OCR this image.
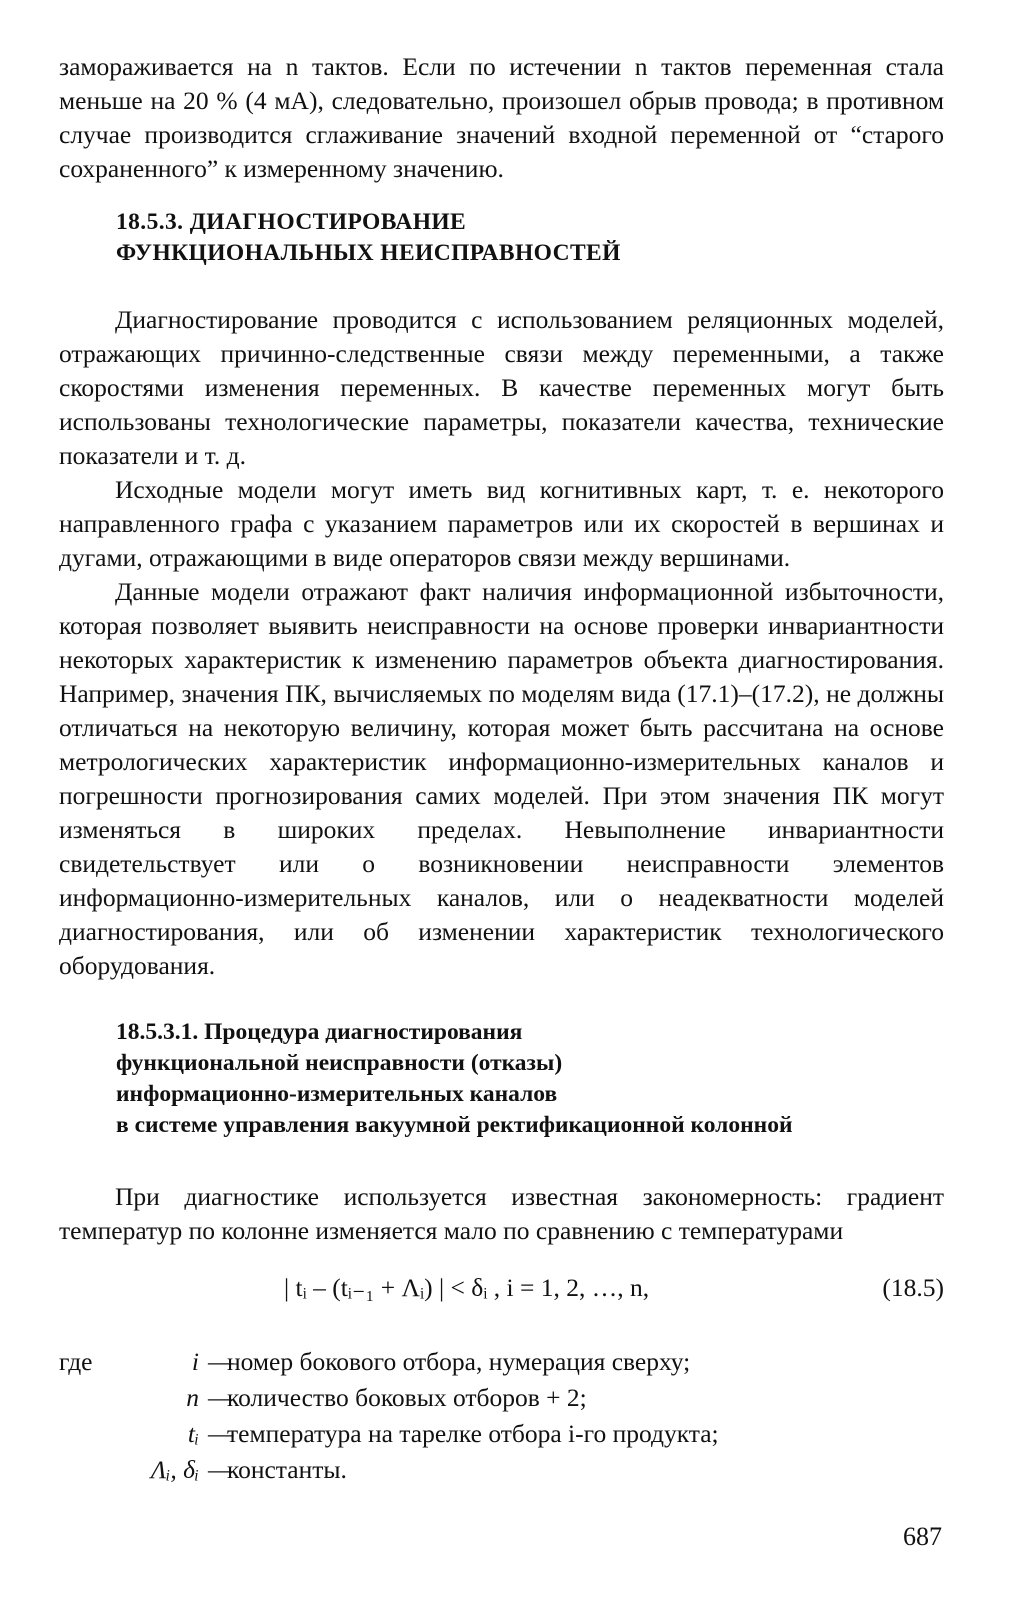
замораживается на n тактов. Если по истечении n тактов переменная стала меньше на 20 % (4 мА), следовательно, произошел обрыв провода; в противном случае производится сглаживание значений входной переменной от “старого сохраненного” к измеренному значению.

18.5.3. ДИАГНОСТИРОВАНИЕ
ФУНКЦИОНАЛЬНЫХ НЕИСПРАВНОСТЕЙ

Диагностирование проводится с использованием реляционных моделей, отражающих причинно-следственные связи между переменными, а также скоростями изменения переменных. В качестве переменных могут быть использованы технологические параметры, показатели качества, технические показатели и т. д.

Исходные модели могут иметь вид когнитивных карт, т. е. некоторого направленного графа с указанием параметров или их скоростей в вершинах и дугами, отражающими в виде операторов связи между вершинами.

Данные модели отражают факт наличия информационной избыточности, которая позволяет выявить неисправности на основе проверки инвариантности некоторых характеристик к изменению параметров объекта диагностирования. Например, значения ПК, вычисляемых по моделям вида (17.1)–(17.2), не должны отличаться на некоторую величину, которая может быть рассчитана на основе метрологических характеристик информационно-измерительных каналов и погрешности прогнозирования самих моделей. При этом значения ПК могут изменяться в широких пределах. Невыполнение инвариантности свидетельствует или о возникновении неисправности элементов информационно-измерительных каналов, или о неадекватности моделей диагностирования, или об изменении характеристик технологического оборудования.

18.5.3.1. Процедура диагностирования
функциональной неисправности (отказы)
информационно-измерительных каналов
в системе управления вакуумной ректификационной колонной

При диагностике используется известная закономерность: градиент температур по колонне изменяется мало по сравнению с температурами

| tᵢ – (tᵢ₋₁ + Λᵢ) | < δᵢ , i = 1, 2, …, n,	(18.5)
где	i —
номер бокового отбора, нумерация сверху;
n —
количество боковых отборов + 2;
tᵢ —
температура на тарелке отбора i-го продукта;
Λᵢ, δᵢ —
константы.
687
